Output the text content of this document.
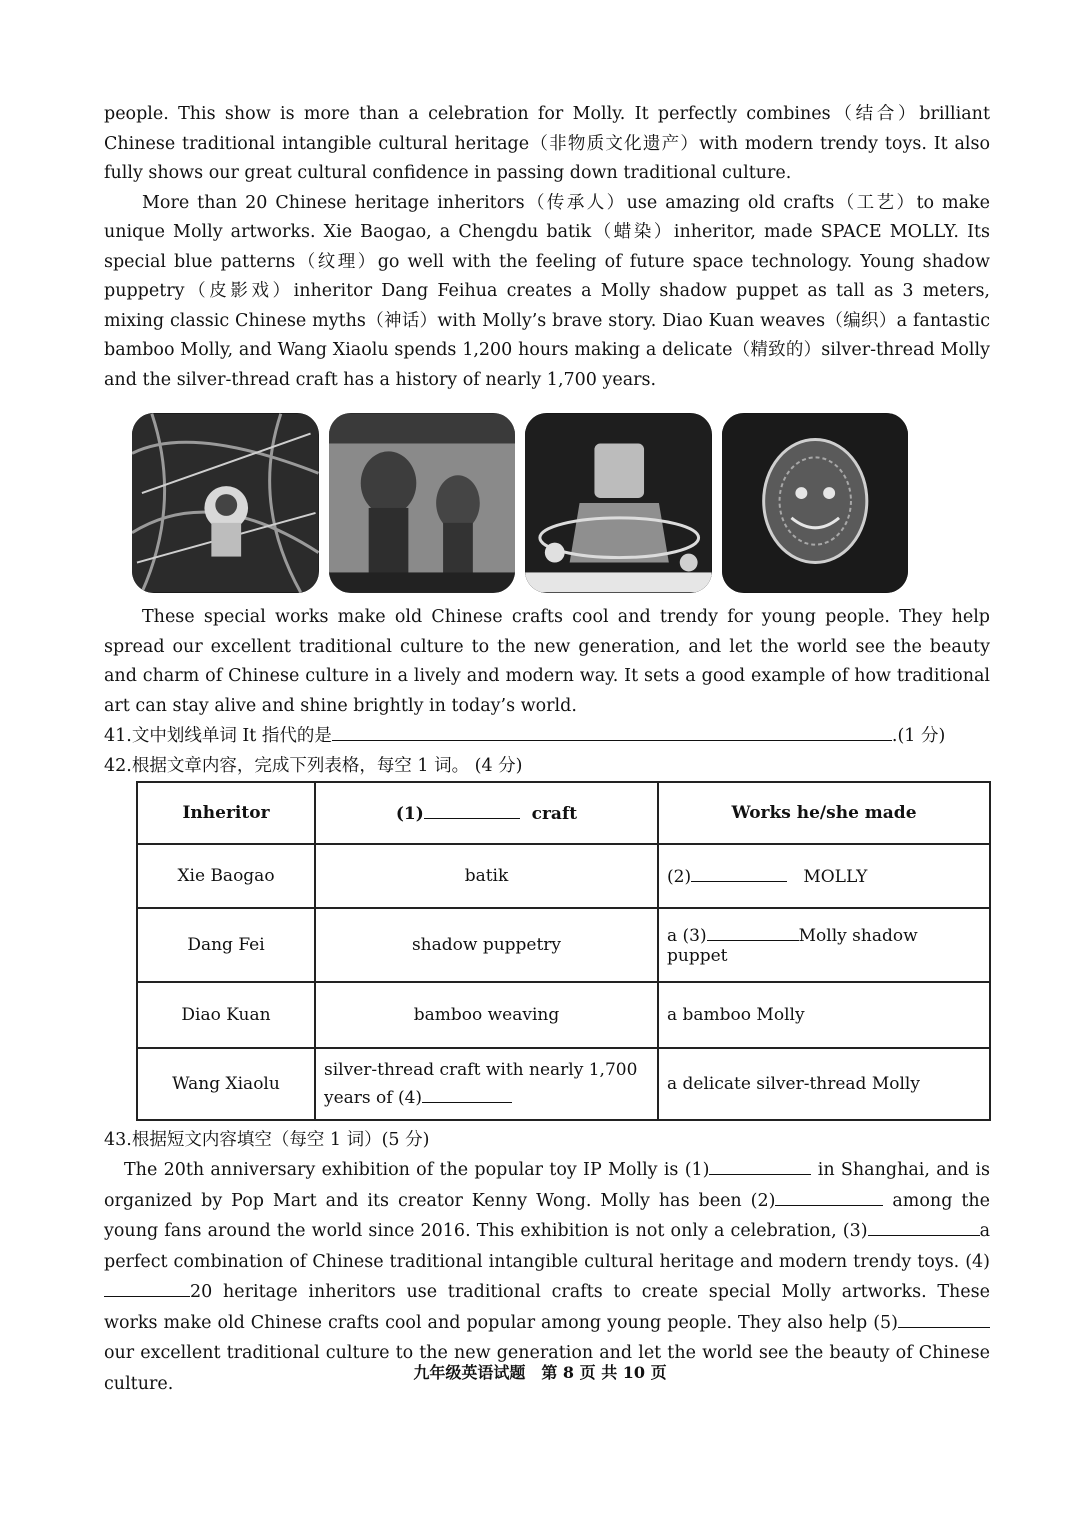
people. This show is more than a celebration for Molly. It perfectly combines（结合）brilliant Chinese traditional intangible cultural heritage（非物质文化遗产）with modern trendy toys. It also fully shows our great cultural confidence in passing down traditional culture.

More than 20 Chinese heritage inheritors（传承人）use amazing old crafts（工艺）to make unique Molly artworks. Xie Baogao, a Chengdu batik（蜡染）inheritor, made SPACE MOLLY. Its special blue patterns（纹理）go well with the feeling of future space technology. Young shadow puppetry（皮影戏）inheritor Dang Feihua creates a Molly shadow puppet as tall as 3 meters, mixing classic Chinese myths（神话）with Molly’s brave story. Diao Kuan weaves（编织）a fantastic bamboo Molly, and Wang Xiaolu spends 1,200 hours making a delicate（精致的）silver-thread Molly and the silver-thread craft has a history of nearly 1,700 years.

These special works make old Chinese crafts cool and trendy for young people. They help spread our excellent traditional culture to the new generation, and let the world see the beauty and charm of Chinese culture in a lively and modern way. It sets a good example of how traditional art can stay alive and shine brightly in today’s world.

41.文中划线单词 It 指代的是	.(1 分)

42.根据文章内容，完成下列表格，每空 1 词。 (4 分)

Inheritor	(1) craft	Works he/she made
Xie Baogao	batik	(2) MOLLY
Dang Fei	shadow puppetry	a (3) Molly shadow puppet
Diao Kuan	bamboo weaving	a bamboo Molly
Wang Xiaolu	silver-thread craft with nearly 1,700 years of (4)	a delicate silver-thread Molly

43.根据短文内容填空（每空 1 词）(5 分)

The 20th anniversary exhibition of the popular toy IP Molly is (1)	in Shanghai, and is organized by Pop Mart and its creator Kenny Wong. Molly has been (2)	among the young fans around the world since 2016. This exhibition is not only a celebration, (3)	a perfect combination of Chinese traditional intangible cultural heritage and modern trendy toys. (4)20 heritage inheritors use traditional crafts to create special Molly artworks. These works make old Chinese crafts cool and popular among young people. They also help (5)our excellent traditional culture to the new generation and let the world see the beauty of Chinese culture.

九年级英语试题　第 8 页 共 10 页
